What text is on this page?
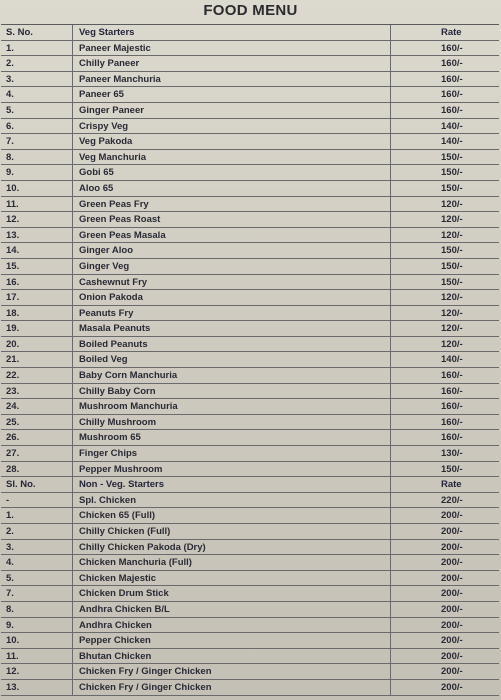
FOOD MENU
S. No.	Veg Starters	Rate
1.	Paneer Majestic	160/-
2.	Chilly Paneer	160/-
3.	Paneer Manchuria	160/-
4.	Paneer 65	160/-
5.	Ginger Paneer	160/-
6.	Crispy Veg	140/-
7.	Veg Pakoda	140/-
8.	Veg Manchuria	150/-
9.	Gobi 65	150/-
10.	Aloo 65	150/-
11.	Green Peas Fry	120/-
12.	Green Peas Roast	120/-
13.	Green Peas Masala	120/-
14.	Ginger Aloo	150/-
15.	Ginger Veg	150/-
16.	Cashewnut Fry	150/-
17.	Onion Pakoda	120/-
18.	Peanuts Fry	120/-
19.	Masala Peanuts	120/-
20.	Boiled Peanuts	120/-
21.	Boiled Veg	140/-
22.	Baby Corn Manchuria	160/-
23.	Chilly Baby Corn	160/-
24.	Mushroom Manchuria	160/-
25.	Chilly Mushroom	160/-
26.	Mushroom 65	160/-
27.	Finger Chips	130/-
28.	Pepper Mushroom	150/-
Sl. No.	Non - Veg. Starters	Rate
-	Spl. Chicken	220/-
1.	Chicken 65 (Full)	200/-
2.	Chilly Chicken (Full)	200/-
3.	Chilly Chicken Pakoda (Dry)	200/-
4.	Chicken Manchuria (Full)	200/-
5.	Chicken Majestic	200/-
7.	Chicken Drum Stick	200/-
8.	Andhra Chicken B/L	200/-
9.	Andhra Chicken	200/-
10.	Pepper Chicken	200/-
11.	Bhutan Chicken	200/-
12.	Chicken Fry / Ginger Chicken	200/-
13.	Chicken Fry / Ginger Chicken	200/-
